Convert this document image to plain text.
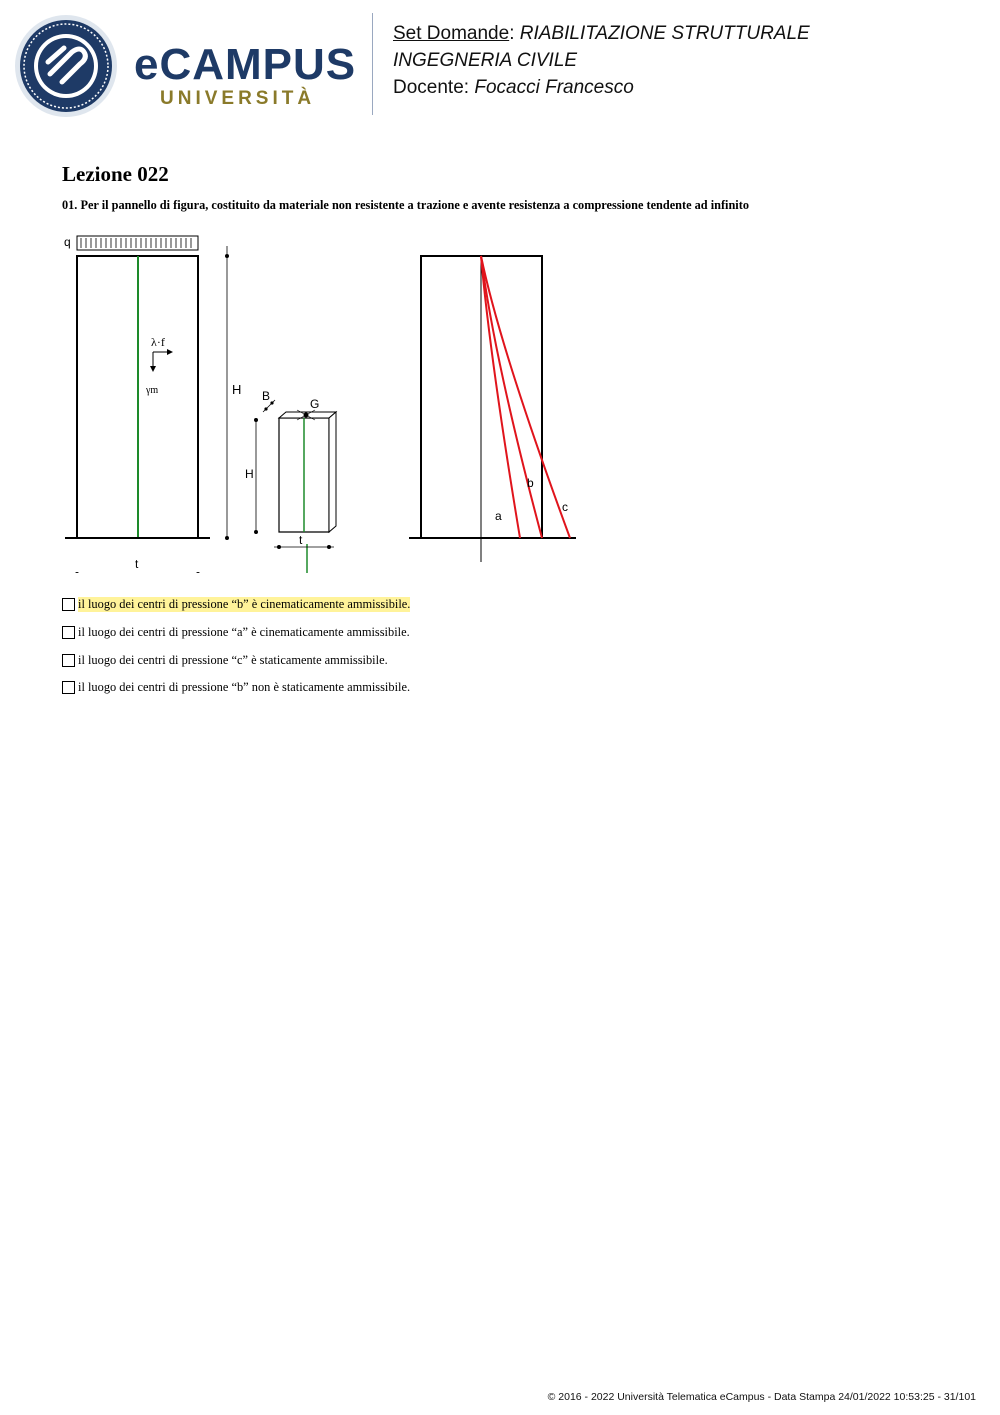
eCAMPUS
UNIVERSITÀ
Set Domande: RIABILITAZIONE STRUTTURALE
INGEGNERIA CIVILE
Docente: Focacci Francesco
Lezione 022
01. Per il pannello di figura, costituito da materiale non resistente a trazione e avente resistenza a compressione tendente ad infinito
q
λ·f
γm	H
t
G
B
H
t
a
b
c
il luogo dei centri di pressione “b” è cinematicamente ammissibile.
il luogo dei centri di pressione “a” è cinematicamente ammissibile.
il luogo dei centri di pressione “c” è staticamente ammissibile.
il luogo dei centri di pressione “b” non è staticamente ammissibile.
© 2016 - 2022 Università Telematica eCampus - Data Stampa 24/01/2022 10:53:25 - 31/101
